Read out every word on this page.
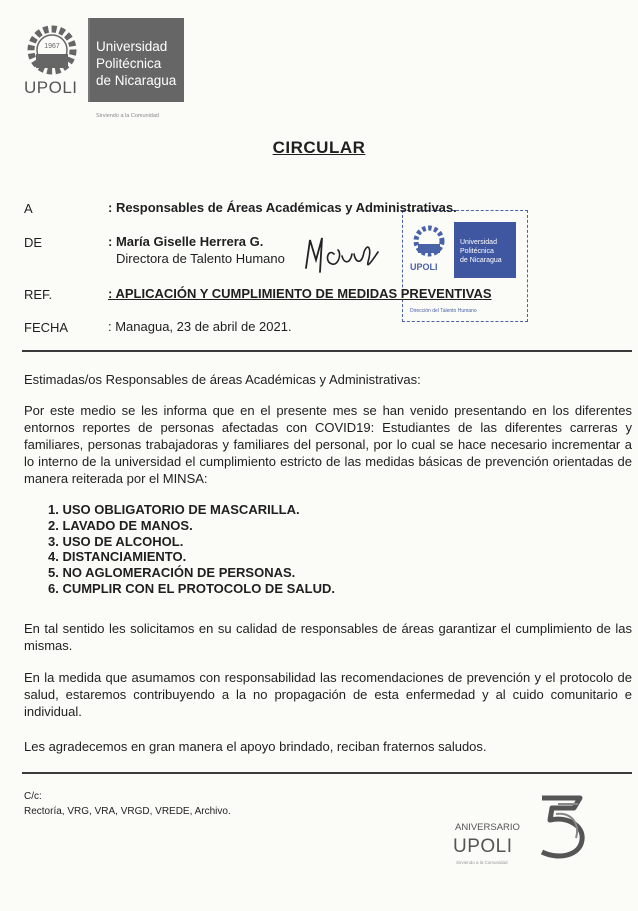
1967
UPOLI
Universidad
Politécnica
de Nicaragua
Sirviendo a la Comunidad
CIRCULAR
UPOLI
Universidad
Politécnica
de Nicaragua
Dirección del Talento Humano
A	: Responsables de Áreas Académicas y Administrativas.
DE	: María Giselle Herrera G.
Directora de Talento Humano
REF.	: APLICACIÓN Y CUMPLIMIENTO DE MEDIDAS PREVENTIVAS
FECHA	: Managua, 23 de abril de 2021.
Estimadas/os Responsables de áreas Académicas y Administrativas:
Por este medio se les informa que en el presente mes se han venido presentando en los diferentes entornos reportes de personas afectadas con COVID19: Estudiantes de las diferentes carreras y familiares, personas trabajadoras y familiares del personal, por lo cual se hace necesario incrementar a lo interno de la universidad el cumplimiento estricto de las medidas básicas de prevención orientadas de manera reiterada por el MINSA:
1. USO OBLIGATORIO DE MASCARILLA.
2. LAVADO DE MANOS.
3. USO DE ALCOHOL.
4. DISTANCIAMIENTO.
5. NO AGLOMERACIÓN DE PERSONAS.
6. CUMPLIR CON EL PROTOCOLO DE SALUD.
En tal sentido les solicitamos en su calidad de responsables de áreas garantizar el cumplimiento de las mismas.
En la medida que asumamos con responsabilidad las recomendaciones de prevención y el protocolo de salud, estaremos contribuyendo a la no propagación de esta enfermedad y al cuido comunitario e individual.
Les agradecemos en gran manera el apoyo brindado, reciban fraternos saludos.
C/c:
Rectoría, VRG, VRA, VRGD, VREDE, Archivo.
ANIVERSARIO
UPOLI
Sirviendo a la Comunidad
